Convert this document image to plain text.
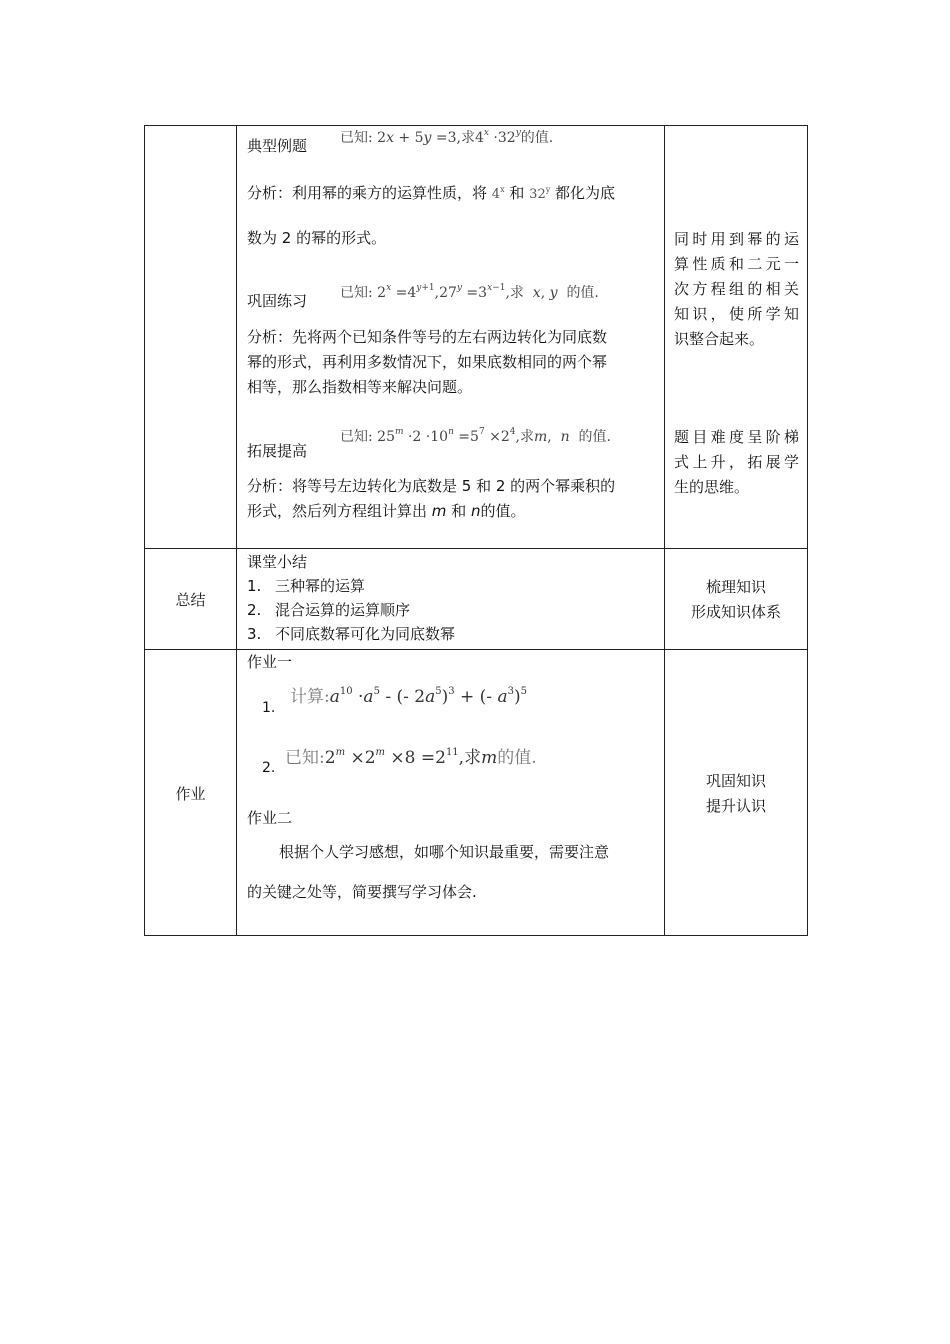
典型例题 已知: 2x + 5y =3,求$4^x \cdot 32^y$的值.
分析：利用幂的乘方的运算性质，将 4$^x$ 和 32$^y$ 都化为底
数为 2 的幂的形式。
巩固练习 已知: $2^x =4^{y+1},27^y =3^{x-1}$,求  x, y 的值.
分析：先将两个已知条件等号的左右两边转化为同底数
幂的形式，再利用多数情况下，如果底数相同的两个幂
相等，那么指数相等来解决问题。
拓展提高
已知: $25^m \cdot 2 \cdot 10^n =5^7 \times 2^4$,求m,  n 的值.
分析：将等号左边转化为底数是 5 和 2 的两个幂乘积的
形式，然后列方程组计算出 m 和 n的值。
同时用到幂的运
算性质和二元一
次方程组的相关
知识，使所学知
识整合起来。
题目难度呈阶梯
式上升，拓展学
生的思维。
总结
课堂小结
1. 三种幂的运算
2. 混合运算的运算顺序
3. 不同底数幂可化为同底数幂
梳理知识
形成知识体系
作业
作业一
1.
计算$:a^{10} \cdot a^5$ - (- $2a^5)^3$ + (- $a^3)^5$
2. 已知$:2^m \times 2^m \times 8 =2^{11}$,求m的值.
作业二
根据个人学习感想，如哪个知识最重要，需要注意
的关键之处等，简要撰写学习体会.
巩固知识
提升认识
